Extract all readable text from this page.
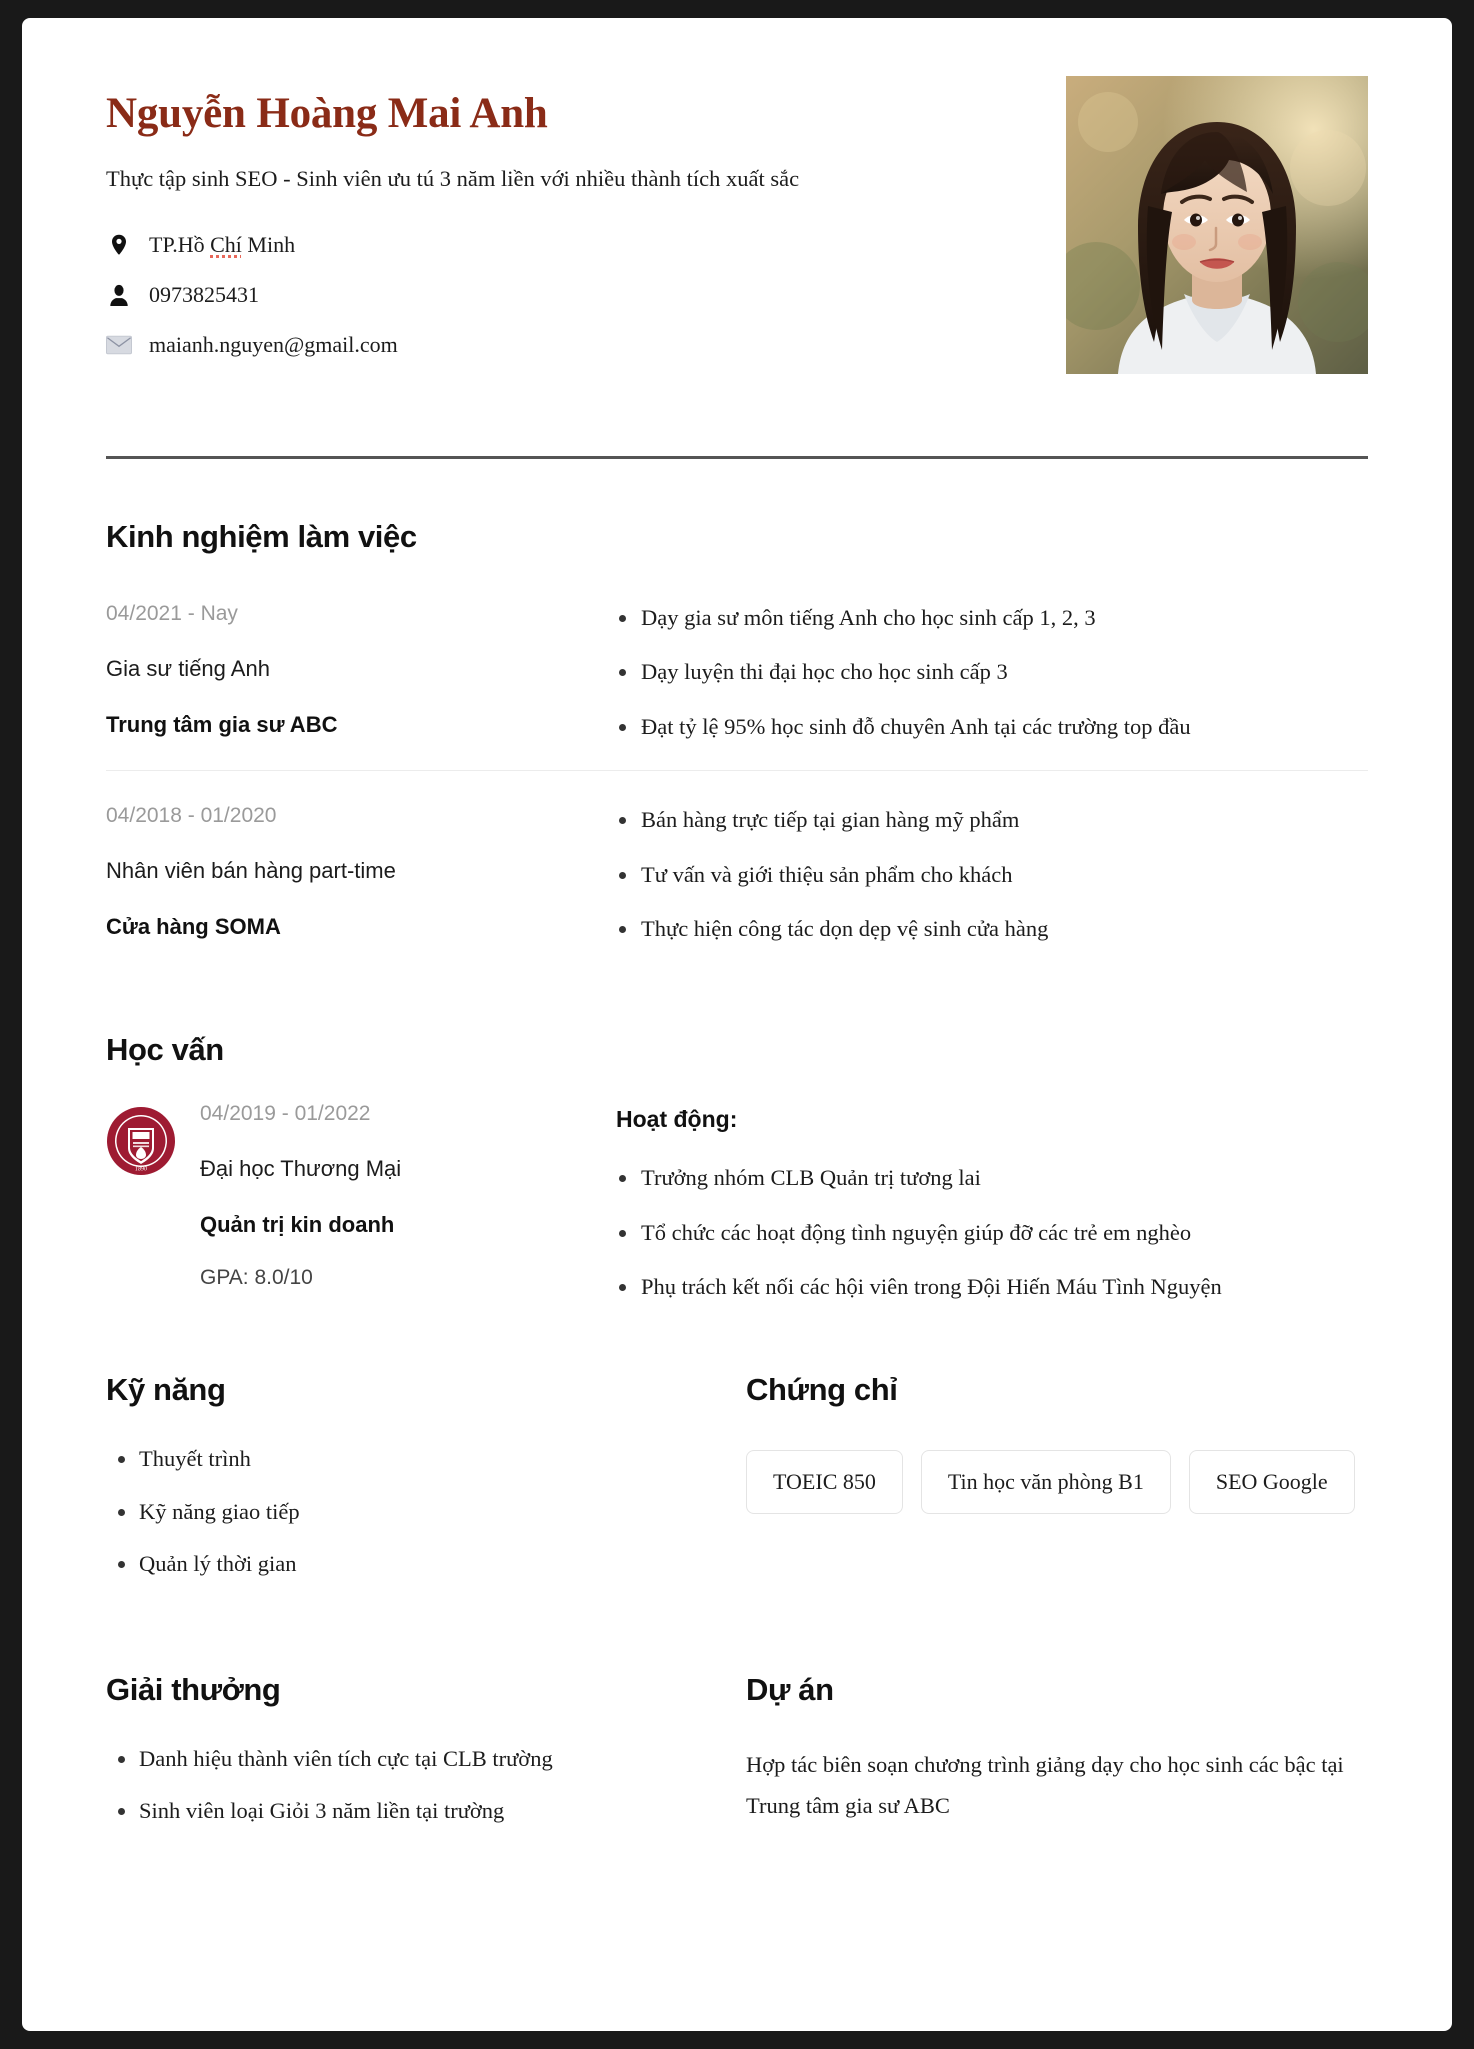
Nguyễn Hoàng Mai Anh
Thực tập sinh SEO - Sinh viên ưu tú 3 năm liền với nhiều thành tích xuất sắc
TP.Hồ Chí Minh
0973825431
maianh.nguyen@gmail.com
Kinh nghiệm làm việc
04/2021 - Nay
Gia sư tiếng Anh
Trung tâm gia sư ABC
Dạy gia sư môn tiếng Anh cho học sinh cấp 1, 2, 3
Dạy luyện thi đại học cho học sinh cấp 3
Đạt tỷ lệ 95% học sinh đỗ chuyên Anh tại các trường top đầu
04/2018 - 01/2020
Nhân viên bán hàng part-time
Cửa hàng SOMA
Bán hàng trực tiếp tại gian hàng mỹ phẩm
Tư vấn và giới thiệu sản phẩm cho khách
Thực hiện công tác dọn dẹp vệ sinh cửa hàng
Học vấn
1890
04/2019 - 01/2022
Đại học Thương Mại
Quản trị kin doanh
GPA: 8.0/10
Hoạt động:
Trưởng nhóm CLB Quản trị tương lai
Tổ chức các hoạt động tình nguyện giúp đỡ các trẻ em nghèo
Phụ trách kết nối các hội viên trong Đội Hiến Máu Tình Nguyện
Kỹ năng
Thuyết trình
Kỹ năng giao tiếp
Quản lý thời gian
Chứng chỉ
TOEIC 850	Tin học văn phòng B1	SEO Google
Giải thưởng
Danh hiệu thành viên tích cực tại CLB trường
Sinh viên loại Giỏi 3 năm liền tại trường
Dự án
Hợp tác biên soạn chương trình giảng dạy cho học sinh các bậc tại Trung tâm gia sư ABC
